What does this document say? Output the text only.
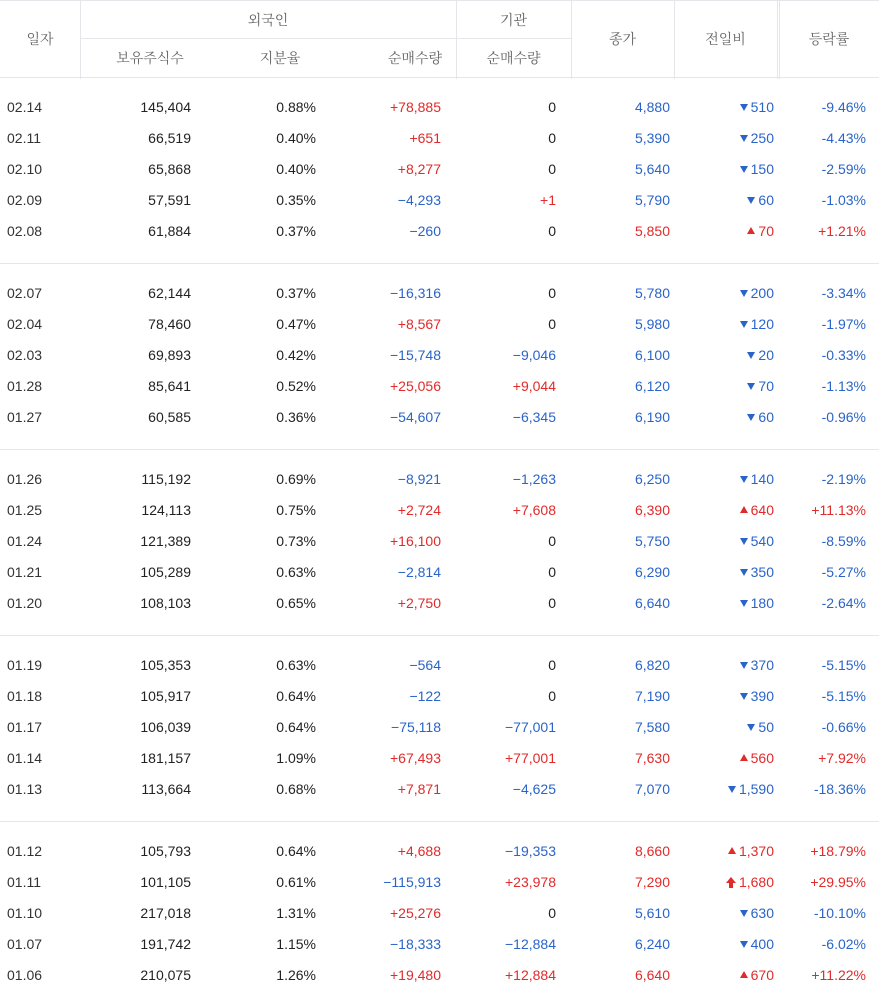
일자
외국인	기관
보유주식수	지분율	순매수량	순매수량
종가	전일비	등락률
02.14	145,404	0.88%	+78,885	0	4,880	510	-9.46%
02.11	66,519	0.40%	+651	0	5,390	250	-4.43%
02.10	65,868	0.40%	+8,277	0	5,640	150	-2.59%
02.09	57,591	0.35%	−4,293	+1	5,790	60	-1.03%
02.08	61,884	0.37%	−260	0	5,850	70	+1.21%
02.07	62,144	0.37%	−16,316	0	5,780	200	-3.34%
02.04	78,460	0.47%	+8,567	0	5,980	120	-1.97%
02.03	69,893	0.42%	−15,748	−9,046	6,100	20	-0.33%
01.28	85,641	0.52%	+25,056	+9,044	6,120	70	-1.13%
01.27	60,585	0.36%	−54,607	−6,345	6,190	60	-0.96%
01.26	115,192	0.69%	−8,921	−1,263	6,250	140	-2.19%
01.25	124,113	0.75%	+2,724	+7,608	6,390	640	+11.13%
01.24	121,389	0.73%	+16,100	0	5,750	540	-8.59%
01.21	105,289	0.63%	−2,814	0	6,290	350	-5.27%
01.20	108,103	0.65%	+2,750	0	6,640	180	-2.64%
01.19	105,353	0.63%	−564	0	6,820	370	-5.15%
01.18	105,917	0.64%	−122	0	7,190	390	-5.15%
01.17	106,039	0.64%	−75,118	−77,001	7,580	50	-0.66%
01.14	181,157	1.09%	+67,493	+77,001	7,630	560	+7.92%
01.13	113,664	0.68%	+7,871	−4,625	7,070	1,590	-18.36%
01.12	105,793	0.64%	+4,688	−19,353	8,660	1,370	+18.79%
01.11	101,105	0.61%	−115,913	+23,978	7,290	1,680	+29.95%
01.10	217,018	1.31%	+25,276	0	5,610	630	-10.10%
01.07	191,742	1.15%	−18,333	−12,884	6,240	400	-6.02%
01.06	210,075	1.26%	+19,480	+12,884	6,640	670	+11.22%
